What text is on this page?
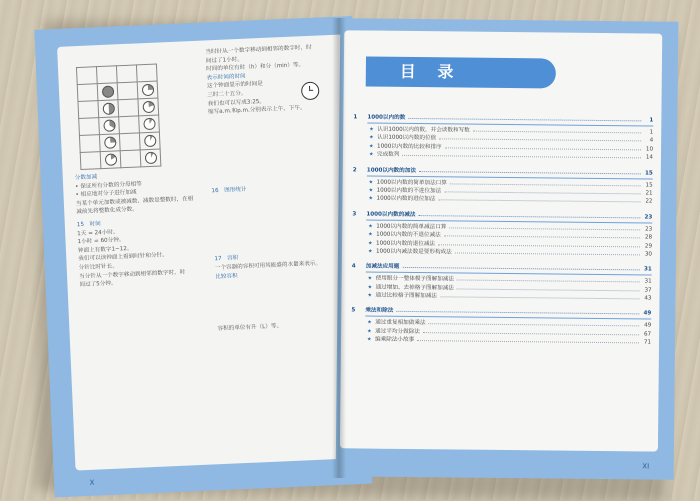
分数加减
• 保证所有分数的分母相等
• 相应地对分子进行加减
当某个单元加数或被减数、减数是整数时，在相
减前先将整数化成分数。
15　时间
1天 = 24小时。
1小时 = 60分钟。
钟面上有数字1~12。
我们可以读钟面上看到时针和分针。
分针比时针长。
当分针从一个数字移动到相邻的数字时，时
间过了5分钟。
当时针从一个数字移动到相邻的数字时，时
间过了1小时。
时间的单位有时（h）和分（min）等。
表示时间的时间
这个钟面显示的时间是
三时二十五分。
我们也可以写成3:25。
缩写a.m.和p.m.分别表示上午、下午。
16　图形统计
17　容积
一个容器的容积可用其能盛的水量来表示。
比较容积
容积的单位有升（L）等。
X
目 录
1	1000以内的数	1
★ 认识1000以内的数，并会读数和写数	1
★ 认识1000以内数的位值	4
★ 1000以内数的比较和排序	10
★ 完成数列	14
2	1000以内数的加法	15
★ 1000以内数的简单加法口算	15
★ 1000以内数的不进位加法	21
★ 1000以内数的进位加法	22
3	1000以内数的减法	23
★ 1000以内数的简单减法口算	23
★ 1000以内数的不退位减法	28
★ 1000以内数的退位减法	29
★ 1000以内减法数是要形构成法	30
4	加减法应用题	31
★ 使用眼分一整体模子图解加减法	31
★ 通过增加、去掉格子图解加减法	37
★ 通过比较格子图解加减法	43
5	乘法和除法	49
★ 通过重复相加做乘法	49
★ 通过平均分做除法	67
★ 编乘除法小故事	71
XI
